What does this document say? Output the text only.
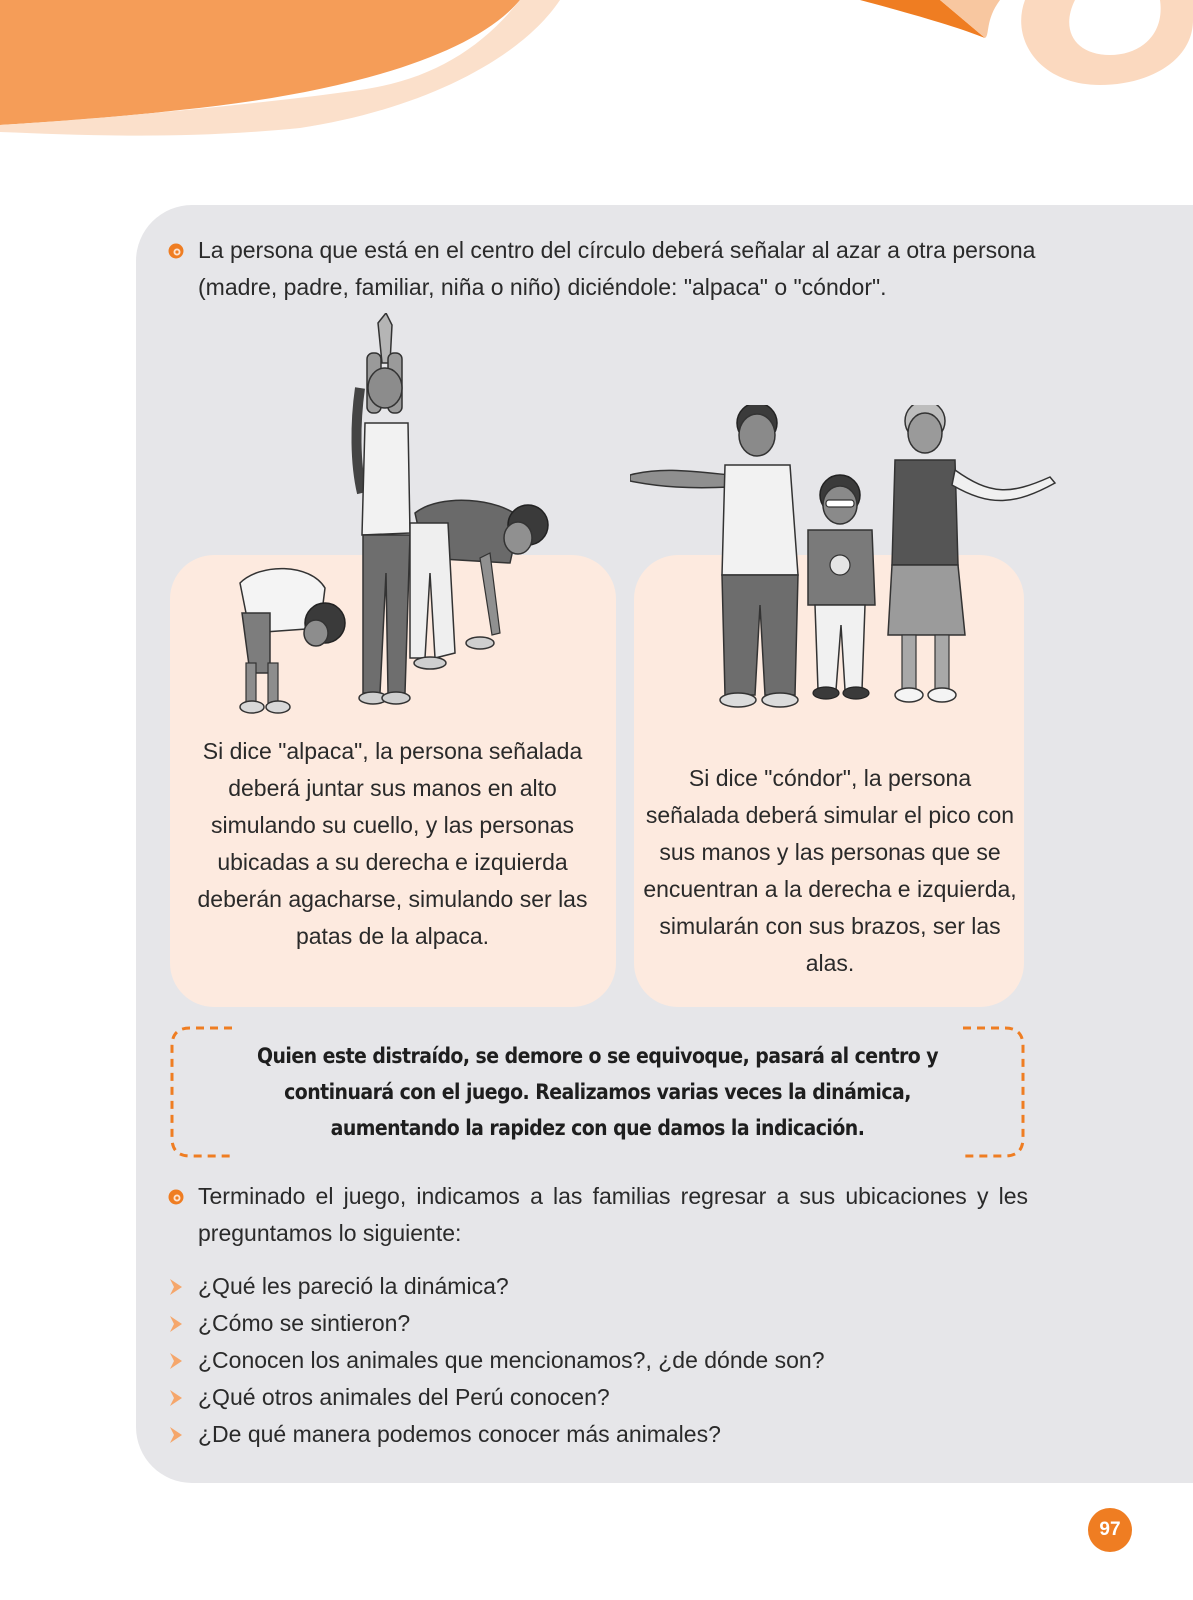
La persona que está en el centro del círculo deberá señalar al azar a otra persona (madre, padre, familiar, niña o niño) diciéndole: "alpaca" o "cóndor".
Si dice "alpaca", la persona señalada deberá juntar sus manos en alto simulando su cuello, y las personas ubicadas a su derecha e izquierda deberán agacharse, simulando ser las patas de la alpaca.
Si dice "cóndor", la persona señalada deberá simular el pico con sus manos y las personas que se encuentran a la derecha e izquierda, simularán con sus brazos, ser las alas.
Quien este distraído, se demore o se equivoque, pasará al centro y continuará con el juego. Realizamos varias veces la dinámica, aumentando la rapidez con que damos la indicación.
Terminado el juego, indicamos a las familias regresar a sus ubicaciones y les preguntamos lo siguiente:
¿Qué les pareció la dinámica?
¿Cómo se sintieron?
¿Conocen los animales que mencionamos?, ¿de dónde son?
¿Qué otros animales del Perú conocen?
¿De qué manera podemos conocer más animales?
97
